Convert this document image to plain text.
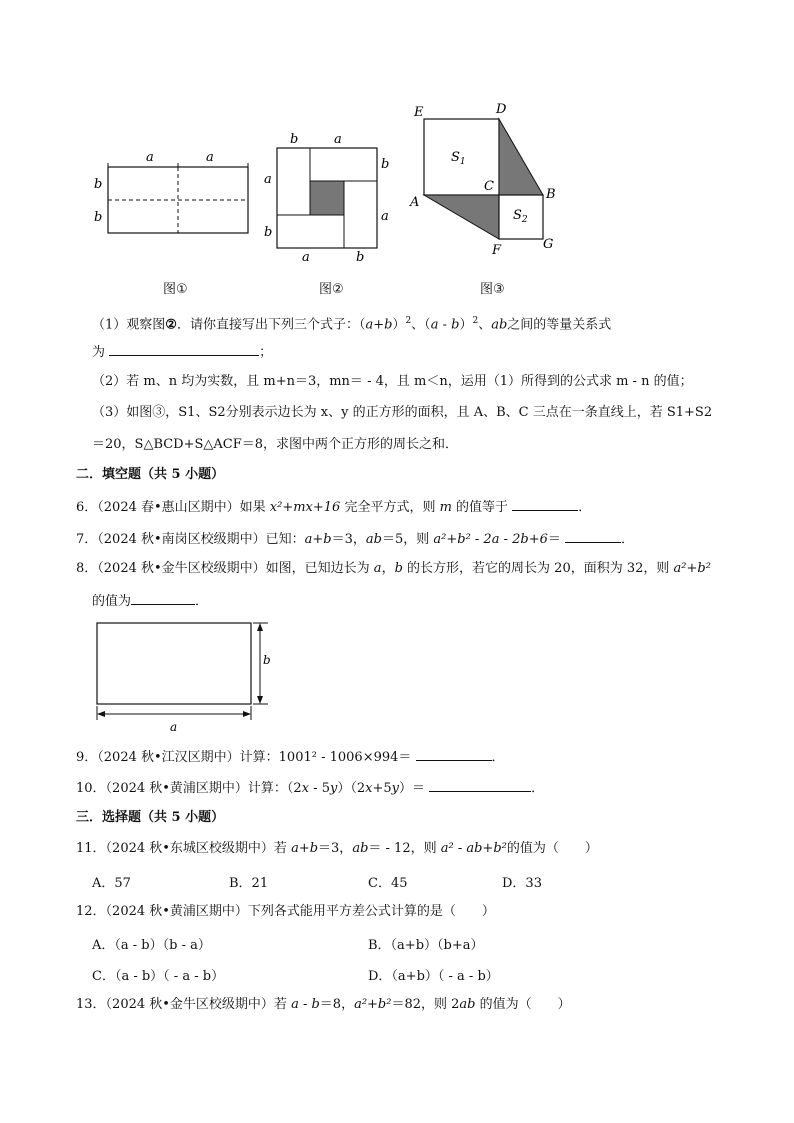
a	a
b
b
b	a
a
b
b
a
a	b
E	D
C
B
A
F	G
$S_1$
$S_2$
图①	图②	图③
（1）观察图②．请你直接写出下列三个式子：$(a+b)^2$、（a - b）$^2$、ab之间的等量关系式
为	；
（2）若 m、n 均为实数，且 m+n＝3，mn＝ - 4，且 m＜n，运用（1）所得到的公式求 m - n 的值；
（3）如图③，S1、S2分别表示边长为 x、y 的正方形的面积，且 A、B、C 三点在一条直线上，若 S1+S2
＝20，S△BCD+S△ACF＝8，求图中两个正方形的周长之和．
二．填空题（共 5 小题）
6．（2024 春•惠山区期中）如果 x²+mx+16 完全平方式，则 m 的值等于	．
7．（2024 秋•南岗区校级期中）已知：a+b＝3，ab＝5，则 a²+b² - 2a - 2b+6＝	．
8．（2024 秋•金牛区校级期中）如图，已知边长为 a，b 的长方形，若它的周长为 20，面积为 32，则 a²+b²
的值为	．
a
b
9．（2024 秋•江汉区期中）计算：1001² - 1006×994＝	．
10．（2024 秋•黄浦区期中）计算：（2x - 5y）（2x+5y）＝	．
三．选择题（共 5 小题）
11．（2024 秋•东城区校级期中）若 a+b＝3，ab＝ - 12，则 a² - ab+b²的值为（　　）
A．57	B．21	C．45	D．33
12．（2024 秋•黄浦区期中）下列各式能用平方差公式计算的是（　　）
A．（a - b）（b - a）	B．（a+b）（b+a）
C．（a - b）（ - a - b）	D．（a+b）（ - a - b）
13．（2024 秋•金牛区校级期中）若 a - b＝8，a²+b²＝82，则 2ab 的值为（　　）
